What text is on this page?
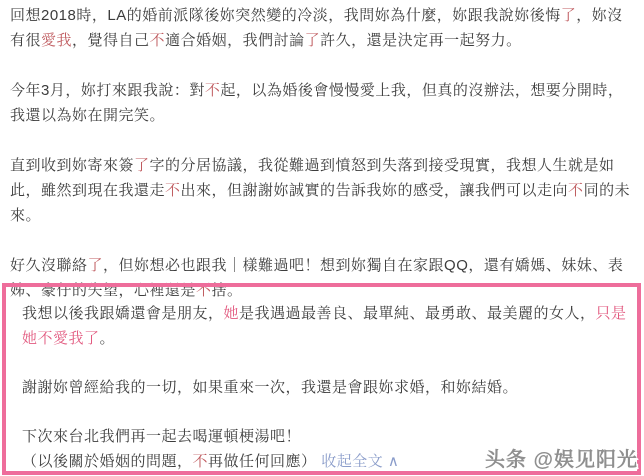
回想2018時，LA的婚前派隊後妳突然變的冷淡，我問妳為什麼，妳跟我說妳後悔了，妳沒有很愛我，覺得自己不適合婚姻，我們討論了許久，還是決定再一起努力。

今年3月，妳打來跟我說：對不起，以為婚後會慢慢愛上我，但真的沒辦法，想要分開時，我還以為妳在開完笑。

直到收到妳寄來簽了字的分居協議，我從難過到憤怒到失落到接受現實，我想人生就是如此，雖然到現在我還走不出來，但謝謝妳誠實的告訴我妳的感受，讓我們可以走向不同的未來。

好久沒聯絡了，但妳想必也跟我｜樣難過吧！想到妳獨自在家跟QQ，還有嬌媽、妹妹、表姊、豪仔的失望，心裡還是不捨。

我想以後我跟嬌還會是朋友，她是我遇過最善良、最單純、最勇敢、最美麗的女人，只是她不愛我了。

謝謝妳曾經給我的一切，如果重來一次，我還是會跟妳求婚，和妳結婚。

下次來台北我們再一起去喝運頓梗湯吧！

（以後關於婚姻的問題，不再做任何回應） 收起全文 ∧	头条 @娱见阳光
